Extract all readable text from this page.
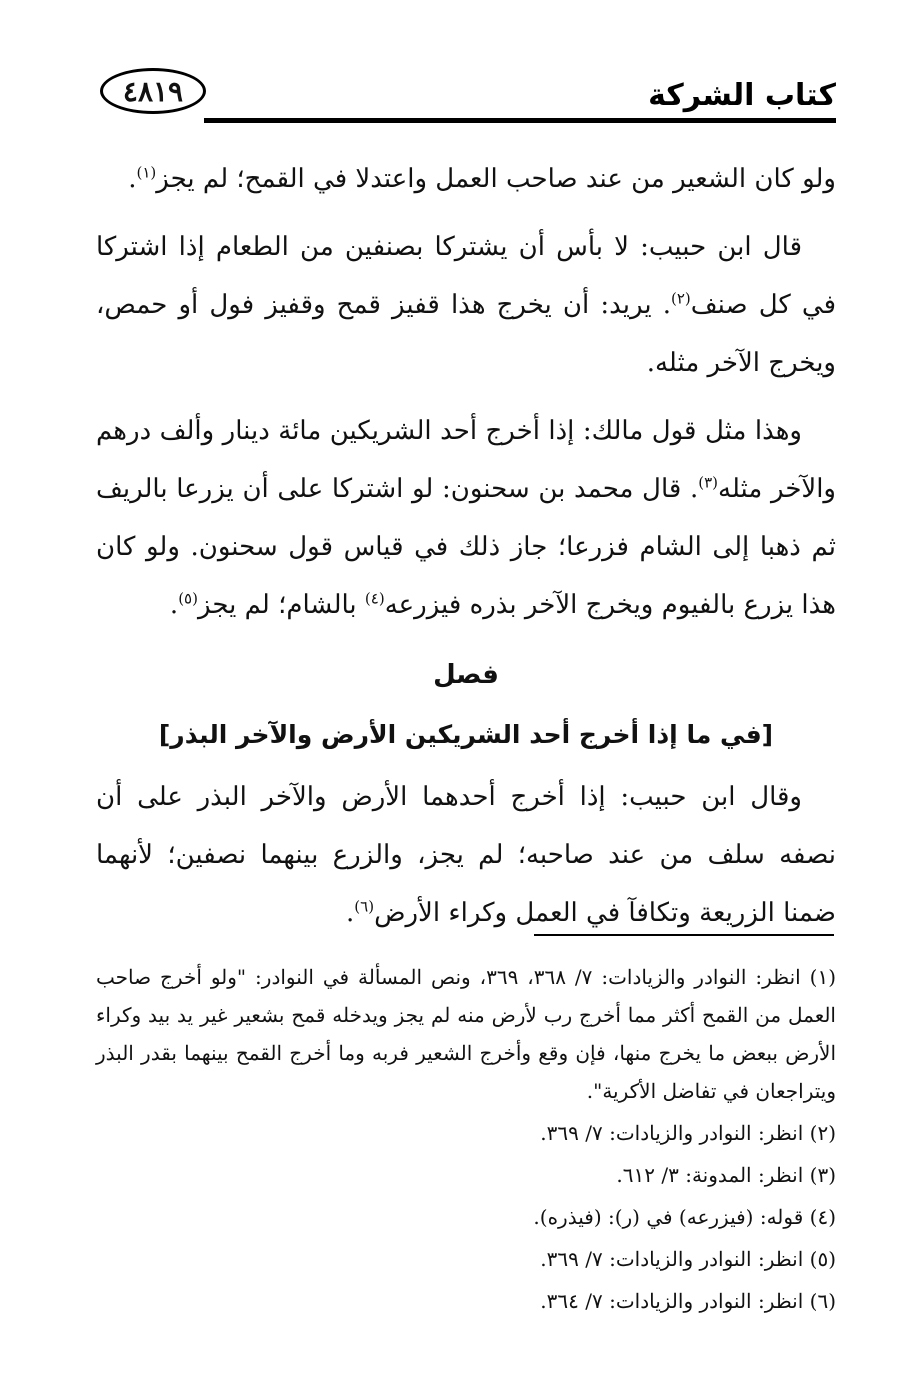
كتاب الشركة
٤٨١٩

ولو كان الشعير من عند صاحب العمل واعتدلا في القمح؛ لم يجز$^{(١)}$.

قال ابن حبيب: لا بأس أن يشتركا بصنفين من الطعام إذا اشتركا في كل صنف$^{(٢)}$. يريد: أن يخرج هذا قفيز قمح وقفيز فول أو حمص، ويخرج الآخر مثله.

وهذا مثل قول مالك: إذا أخرج أحد الشريكين مائة دينار وألف درهم والآخر مثله$^{(٣)}$. قال محمد بن سحنون: لو اشتركا على أن يزرعا بالريف ثم ذهبا إلى الشام فزرعا؛ جاز ذلك في قياس قول سحنون. ولو كان هذا يزرع بالفيوم ويخرج الآخر بذره فيزرعه$^{(٤)}$ بالشام؛ لم يجز$^{(٥)}$.

فصل
[في ما إذا أخرج أحد الشريكين الأرض والآخر البذر]

وقال ابن حبيب: إذا أخرج أحدهما الأرض والآخر البذر على أن نصفه سلف من عند صاحبه؛ لم يجز، والزرع بينهما نصفين؛ لأنهما ضمنا الزريعة وتكافآ في العمل وكراء الأرض$^{(٦)}$.

(١) انظر: النوادر والزيادات: ٧/ ٣٦٨، ٣٦٩، ونص المسألة في النوادر: "ولو أخرج صاحب العمل من القمح أكثر مما أخرج رب لأرض منه لم يجز ويدخله قمح بشعير غير يد بيد وكراء الأرض ببعض ما يخرج منها، فإن وقع وأخرج الشعير فربه وما أخرج القمح بينهما بقدر البذر ويتراجعان في تفاضل الأكرية".

(٢) انظر: النوادر والزيادات: ٧/ ٣٦٩.

(٣) انظر: المدونة: ٣/ ٦١٢.

(٤) قوله: (فيزرعه) في (ر): (فيذره).

(٥) انظر: النوادر والزيادات: ٧/ ٣٦٩.

(٦) انظر: النوادر والزيادات: ٧/ ٣٦٤.
